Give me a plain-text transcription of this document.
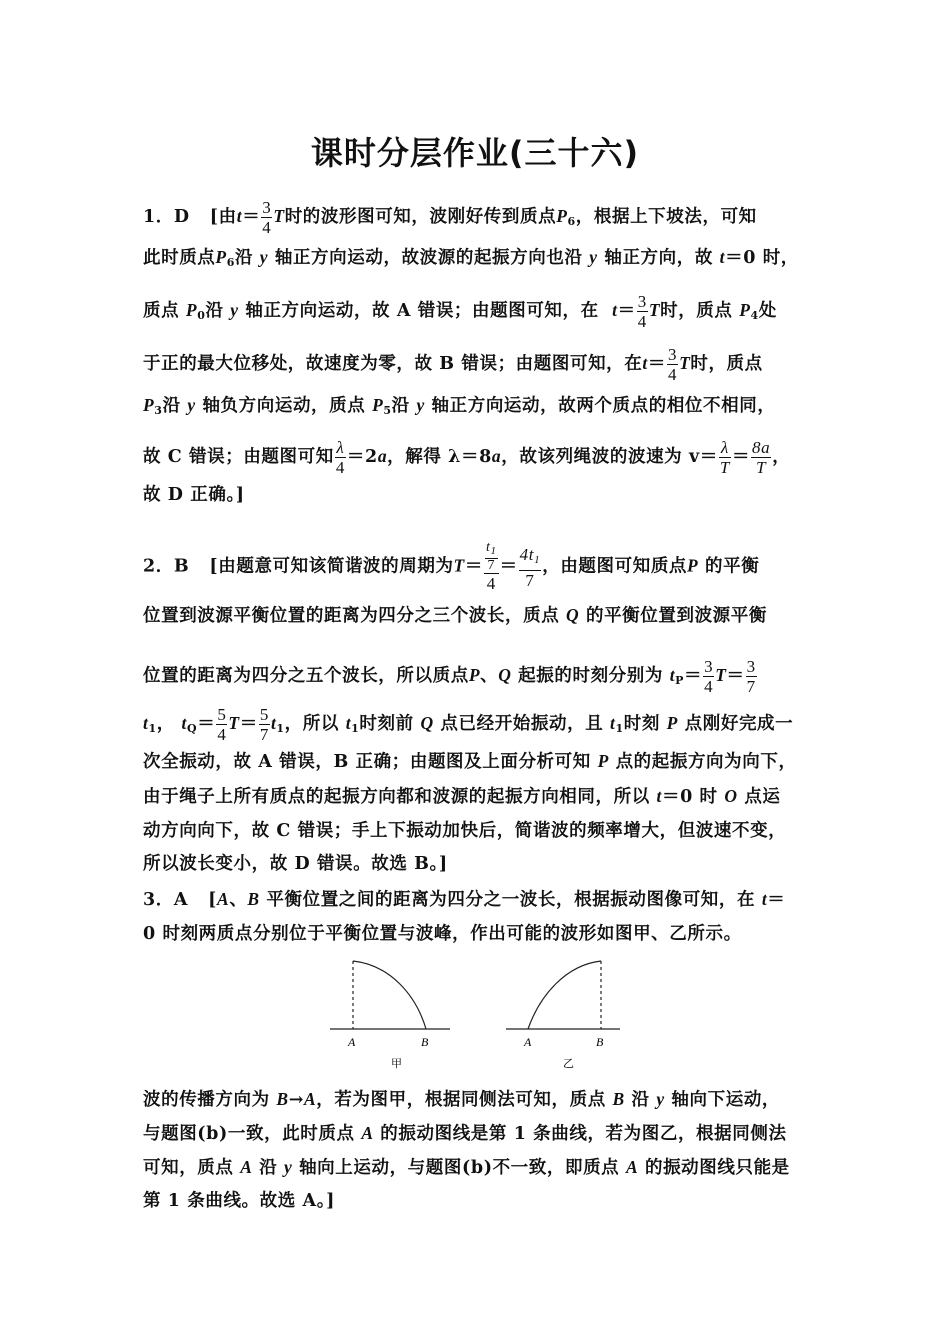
课时分层作业(三十六)
1．D [由$t= \frac{3}{4}$ T时的波形图可知，波刚好传到质点$P_6$，根据上下坡法，可知
此时质点$P_6$沿 y 轴正方向运动，故波源的起振方向也沿 y 轴正方向，故 t＝0 时，
质点 $P_0$沿 y 轴正方向运动，故 A 错误；由题图可知，在 $t= \frac{3}{4}$ T时，质点 $P_4$处
于正的最大位移处，故速度为零，故 B 错误；由题图可知，在$t= \frac{3}{4}$ T时，质点
$P_3$沿 y 轴负方向运动，质点 $P_5$沿 y 轴正方向运动，故两个质点的相位不相同，
故 C 错误；由题图可知 $\frac{\lambda}{4} =2a$，解得 λ＝8a，故该列绳波的波速为 $v= \frac{\lambda}{T} = \frac{8a}{T}$ ，
故 D 正确。]
2．B [由题意可知该简谐波的周期为$T= \frac{\frac{t_1}{7}}{4} = \frac{4t_1}{7}$ ，由题图可知质点P 的平衡
位置到波源平衡位置的距离为四分之三个波长，质点 Q 的平衡位置到波源平衡
位置的距离为四分之五个波长，所以质点P、Q 起振的时刻分别为 $t_P= \frac{3}{4} T= \frac{3}{7}$
$t_1$， $t_Q= \frac{5}{4} T= \frac{5}{7} t_1$，所以 $t_1$时刻前 Q 点已经开始振动，且 $t_1$时刻 P 点刚好完成一
次全振动，故 A 错误，B 正确；由题图及上面分析可知 P 点的起振方向为向下，
由于绳子上所有质点的起振方向都和波源的起振方向相同，所以 t＝0 时 O 点运
动方向向下，故 C 错误；手上下振动加快后，简谐波的频率增大，但波速不变，
所以波长变小，故 D 错误。故选 B。]
3．A [A、B 平衡位置之间的距离为四分之一波长，根据振动图像可知，在 t＝
0 时刻两质点分别位于平衡位置与波峰，作出可能的波形如图甲、乙所示。
A	B
甲
A	B
乙
波的传播方向为 B→A，若为图甲，根据同侧法可知，质点 B 沿 y 轴向下运动，
与题图(b)一致，此时质点 A 的振动图线是第 1 条曲线，若为图乙，根据同侧法
可知，质点 A 沿 y 轴向上运动，与题图(b)不一致，即质点 A 的振动图线只能是
第 1 条曲线。故选 A。]
